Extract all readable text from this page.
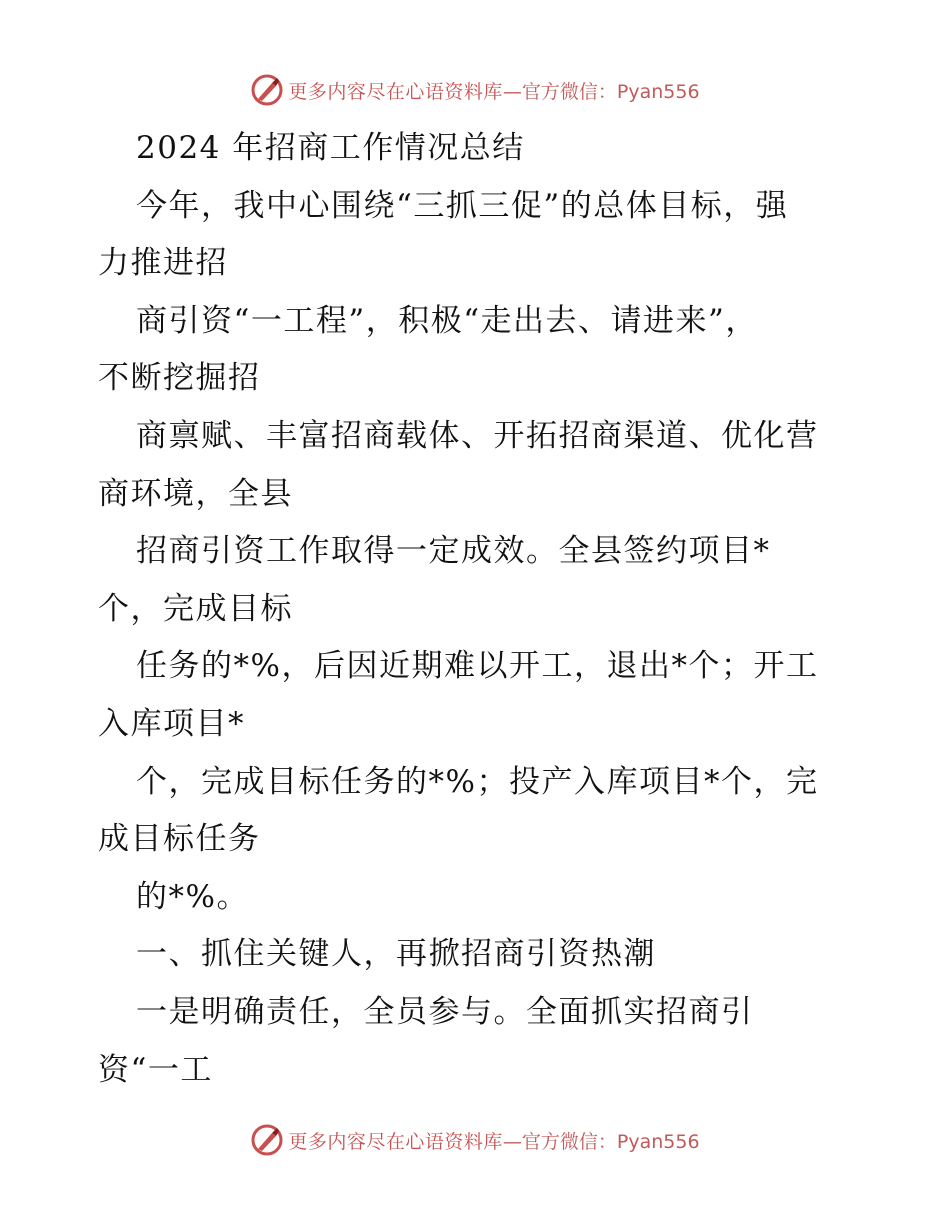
更多内容尽在心语资料库 —官方微信：Pyan556
2024 年招商工作情况总结
今年，我中心围绕“三抓三促”的总体目标，强
力推进招
商引资“一工程”，积极“走出去、请进来”，
不断挖掘招
商禀赋、丰富招商载体、开拓招商渠道、优化营
商环境，全县
招商引资工作取得一定成效。全县签约项目*
个，完成目标
任务的*%，后因近期难以开工，退出*个；开工
入库项目*
个，完成目标任务的*%；投产入库项目*个，完
成目标任务
的*%。
一、抓住关键人，再掀招商引资热潮
一是明确责任，全员参与。全面抓实招商引
资“一工
更多内容尽在心语资料库 —官方微信：Pyan556
